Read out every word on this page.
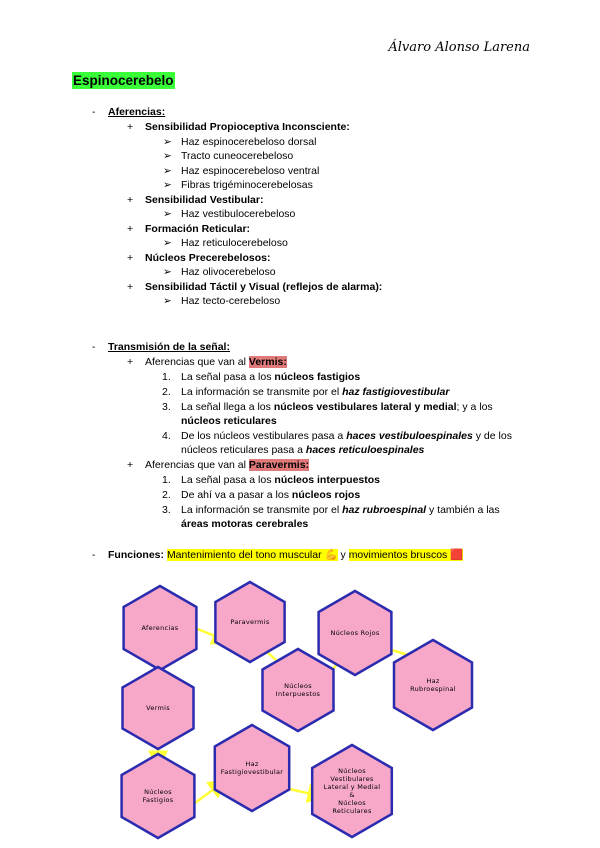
Álvaro Alonso Larena
Espinocerebelo
- Aferencias:
+ Sensibilidad Propioceptiva Inconsciente:
➢ Haz espinocerebeloso dorsal
➢ Tracto cuneocerebeloso
➢ Haz espinocerebeloso ventral
➢ Fibras trigéminocerebelosas
+ Sensibilidad Vestibular:
➢ Haz vestibulocerebeloso
+ Formación Reticular:
➢ Haz reticulocerebeloso
+ Núcleos Precerebelosos:
➢ Haz olivocerebeloso
+ Sensibilidad Táctil y Visual (reflejos de alarma):
➢ Haz tecto-cerebeloso
- Transmisión de la señal:
+ Aferencias que van al Vermis:
1. La señal pasa a los núcleos fastigios
2. La información se transmite por el haz fastigiovestibular
3. La señal llega a los núcleos vestibulares lateral y medial; y a los
núcleos reticulares
4. De los núcleos vestibulares pasa a haces vestibuloespinales y de los
núcleos reticulares pasa a haces reticuloespinales
+ Aferencias que van al Paravermis:
1. La señal pasa a los núcleos interpuestos
2. De ahí va a pasar a los núcleos rojos
3. La información se transmite por el haz rubroespinal y también a las
áreas motoras cerebrales
- Funciones: Mantenimiento del tono muscular 💪 y movimientos bruscos 🟥
Aferencias
Paravermis
Núcleos Rojos
Haz
Rubroespinal
Núcleos
Interpuestos
Vermis
Núcleos
Fastigios
Haz
Fastigiovestibular	Núcleos
Vestibulares
Lateral y Medial
&
Núcleos
Reticulares
